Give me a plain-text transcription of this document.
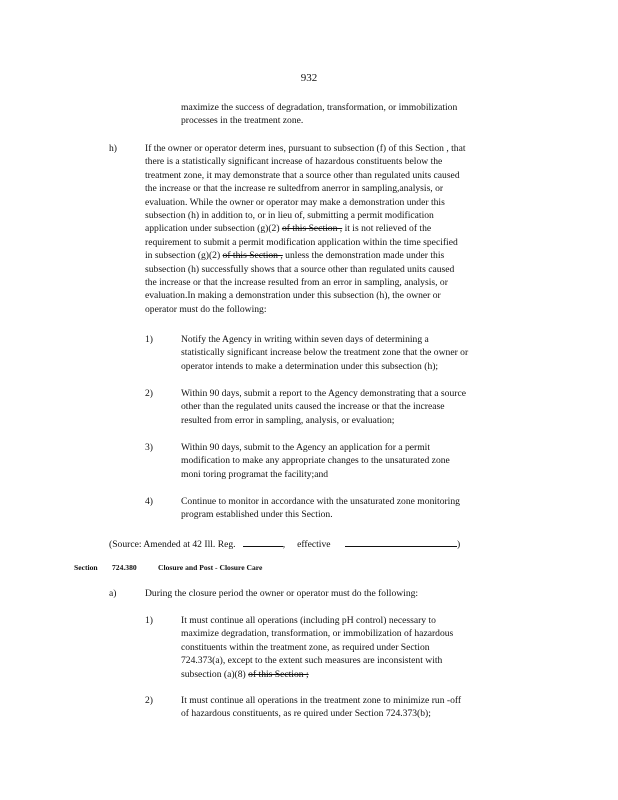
932

maximize the success of degradation, transformation, or immobilization

processes in the treatment zone.

h)	If the owner or operator determ ines, pursuant to subsection (f) of this Section , that

there is a statistically significant increase of hazardous constituents below the

treatment zone, it may demonstrate that a source other than regulated units caused

the increase or that the increase re sultedfrom anerror in sampling,analysis, or

evaluation. While the owner or operator may make a demonstration under this

subsection (h) in addition to, or in lieu of, submitting a permit modification

application under subsection (g)(2) of this Section , it is not relieved of the

requirement to submit a permit modification application within the time specified

in subsection (g)(2) of this Section , unless the demonstration made under this

subsection (h) successfully shows that a source other than regulated units caused

the increase or that the increase resulted from an error in sampling, analysis, or

evaluation.In making a demonstration under this subsection (h), the owner or

operator must do the following:

1)	Notify the Agency in writing within seven days of determining a

statistically significant increase below the treatment zone that the owner or

operator intends to make a determination under this subsection (h);

2)	Within 90 days, submit a report to the Agency demonstrating that a source

other than the regulated units caused the increase or that the increase

resulted from error in sampling, analysis, or evaluation;

3)	Within 90 days, submit to the Agency an application for a permit

modification to make any appropriate changes to the unsaturated zone

moni toring programat the facility;and

4)	Continue to monitor in accordance with the unsaturated zone monitoring

program established under this Section.

(Source: Amended at 42 Ill. Reg.	,     effective	)

Section 724.380	Closure and Post - Closure Care
a)	During the closure period the owner or operator must do the following:

1)	It must continue all operations (including pH control) necessary to

maximize degradation, transformation, or immobilization of hazardous

constituents within the treatment zone, as required under Section

724.373(a), except to the extent such measures are inconsistent with

subsection (a)(8) of this Section ;

2)	It must continue all operations in the treatment zone to minimize run -off

of hazardous constituents, as re quired under Section 724.373(b);
